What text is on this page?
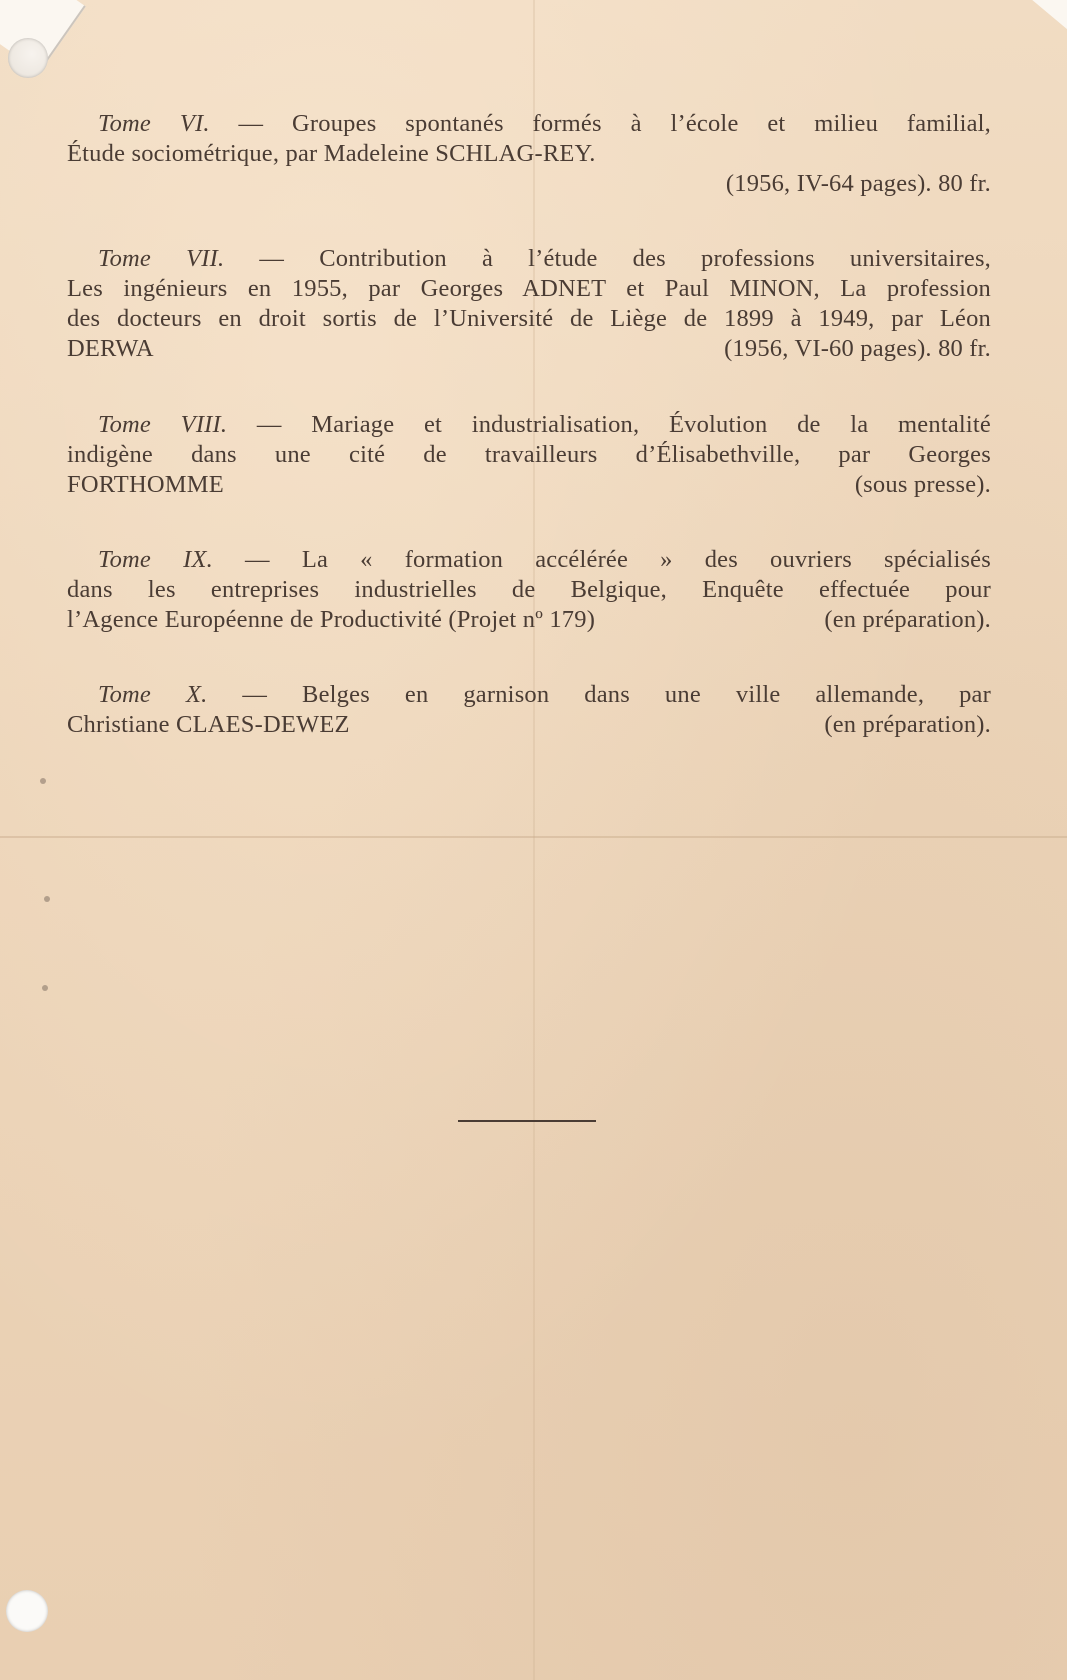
Tome VI. — Groupes spontanés formés à l’école et milieu familial,
Étude sociométrique, par Madeleine SCHLAG-REY.
(1956, IV-64 pages). 80 fr.
Tome VII. — Contribution à l’étude des professions universitaires,
Les ingénieurs en 1955, par Georges ADNET et Paul MINON, La profession
des docteurs en droit sortis de l’Université de Liège de 1899 à 1949, par Léon
DERWA	(1956, VI-60 pages). 80 fr.
Tome VIII. — Mariage et industrialisation, Évolution de la mentalité
indigène dans une cité de travailleurs d’Élisabethville, par Georges
FORTHOMME	(sous presse).
Tome IX. — La « formation accélérée » des ouvriers spécialisés
dans les entreprises industrielles de Belgique, Enquête effectuée pour
l’Agence Européenne de Productivité (Projet nº 179)	(en préparation).
Tome X. — Belges en garnison dans une ville allemande, par
Christiane CLAES-DEWEZ	(en préparation).
